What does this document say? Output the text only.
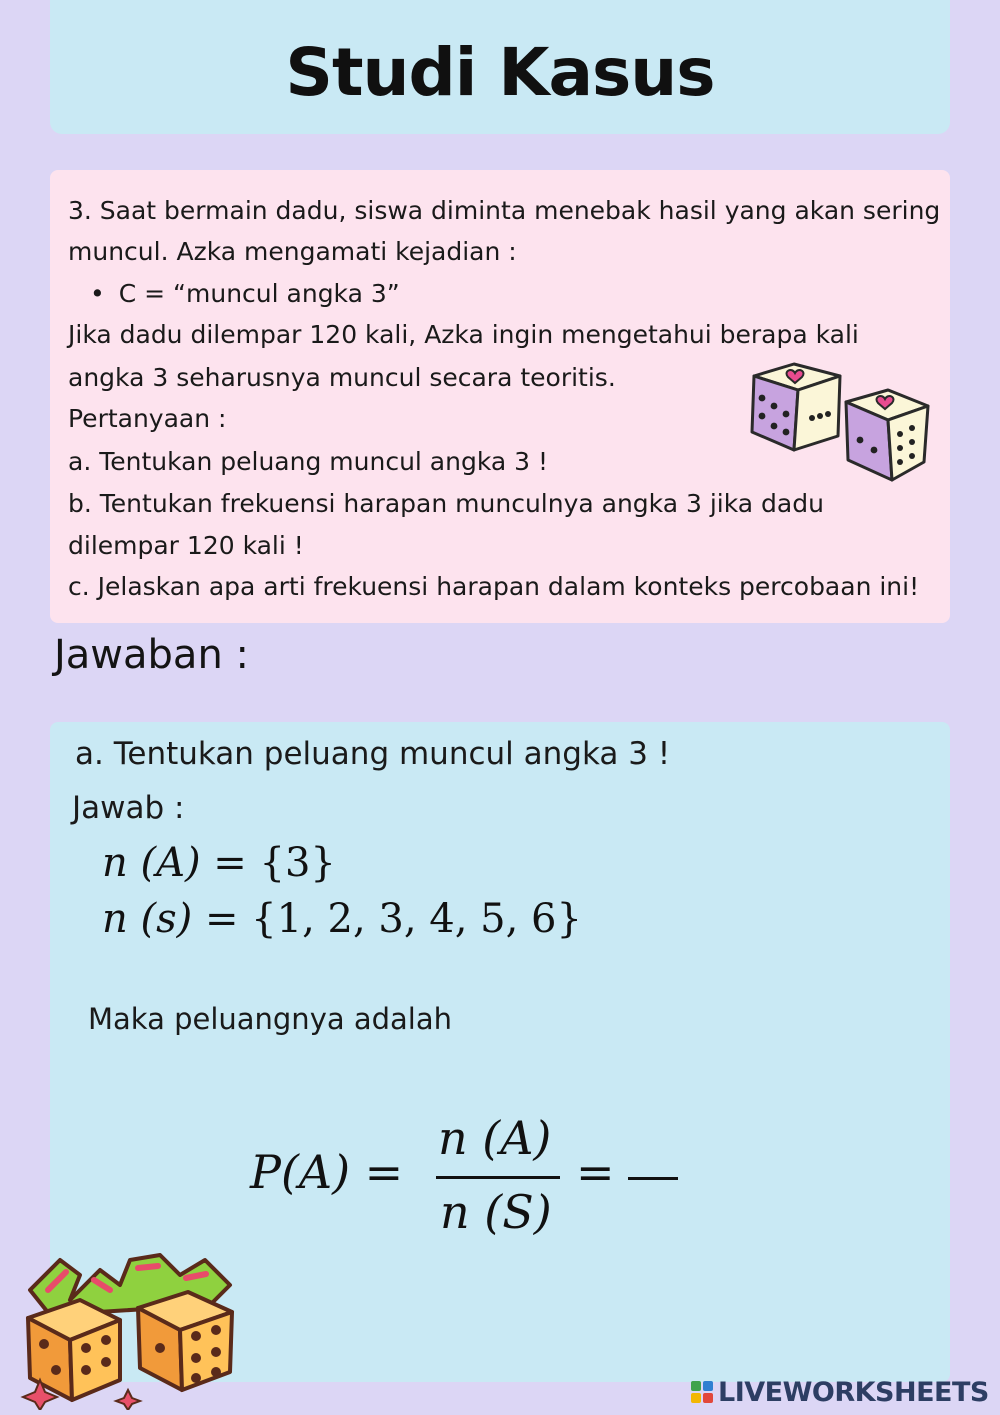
Studi Kasus
3. Saat bermain dadu, siswa diminta menebak hasil yang akan sering
muncul. Azka mengamati kejadian :
• C = “muncul angka 3”
Jika dadu dilempar 120 kali, Azka ingin mengetahui berapa kali
angka 3 seharusnya muncul secara teoritis.
Pertanyaan :
a. Tentukan peluang muncul angka 3 !
b. Tentukan frekuensi harapan munculnya angka 3 jika dadu
dilempar 120 kali !
c. Jelaskan apa arti frekuensi harapan dalam konteks percobaan ini!
Jawaban :
a. Tentukan peluang muncul angka 3 !
Jawab :
n (A) = {3}
n (s) = {1, 2, 3, 4, 5, 6}
Maka peluangnya adalah
P(A) =
n (A)
n (S)
=
LIVEWORKSHEETS
